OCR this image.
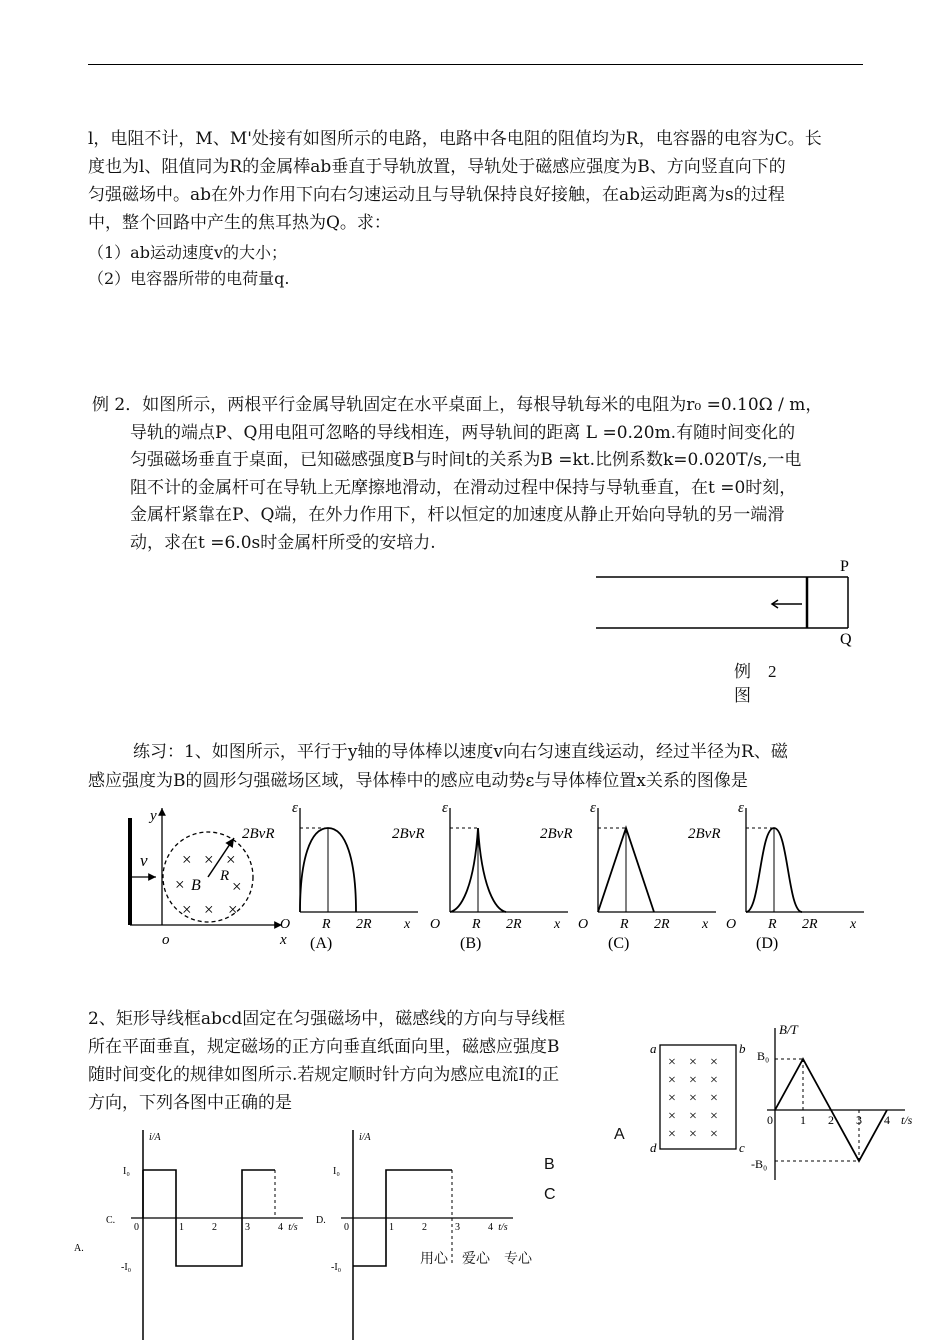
l，电阻不计，M、M'处接有如图所示的电路，电路中各电阻的阻值均为R，电容器的电容为C。长

度也为l、阻值同为R的金属棒ab垂直于导轨放置，导轨处于磁感应强度为B、方向竖直向下的

匀强磁场中。ab在外力作用下向右匀速运动且与导轨保持良好接触，在ab运动距离为s的过程

中，整个回路中产生的焦耳热为Q。求：

（1）ab运动速度v的大小；

（2）电容器所带的电荷量q.

例 2．如图所示，两根平行金属导轨固定在水平桌面上，每根导轨每米的电阻为r₀ =0.10Ω / m，
导轨的端点P、Q用电阻可忽略的导线相连，两导轨间的距离 L =0.20m.有随时间变化的
匀强磁场垂直于桌面，已知磁感强度B与时间t的关系为B =kt.比例系数k=0.020T/s,一电
阻不计的金属杆可在导轨上无摩擦地滑动，在滑动过程中保持与导轨垂直，在t =0时刻，
金属杆紧靠在P、Q端，在外力作用下，杆以恒定的加速度从静止开始向导轨的另一端滑
动，求在t =6.0s时金属杆所受的安培力.
P
Q
例　2
图

练习：1、如图所示，平行于y轴的导体棒以速度v向右匀速直线运动，经过半径为R、磁

感应强度为B的圆形匀强磁场区域，导体棒中的感应电动势ε与导体棒位置x关系的图像是

v
y
× × ×
×	×
× × ×
B
R
o	x
ε
2BvR
O R 2R x
(A)
ε
2BvR
O R 2R x
(B)
ε
2BvR
O R 2R x
(C)
ε
2BvR
O R 2R x
(D)

2、矩形导线框abcd固定在匀强磁场中，磁感线的方向与导线框

所在平面垂直，规定磁场的正方向垂直纸面向里，磁感应强度B

随时间变化的规律如图所示.若规定顺时针方向为感应电流I的正

方向，下列各图中正确的是

A
B
C
a	b
c
d
× × ×
× × ×
× × ×
× × ×
× × ×
B/T
B₀
-B₀
0 1 2 3 4 t/s
i/A
I₀
-I₀
0	1	2	3	4 t/s
i/A
I₀
-I₀
0	1	2	3	4 t/s
C.	D.
A.
用心　爱心　专心
